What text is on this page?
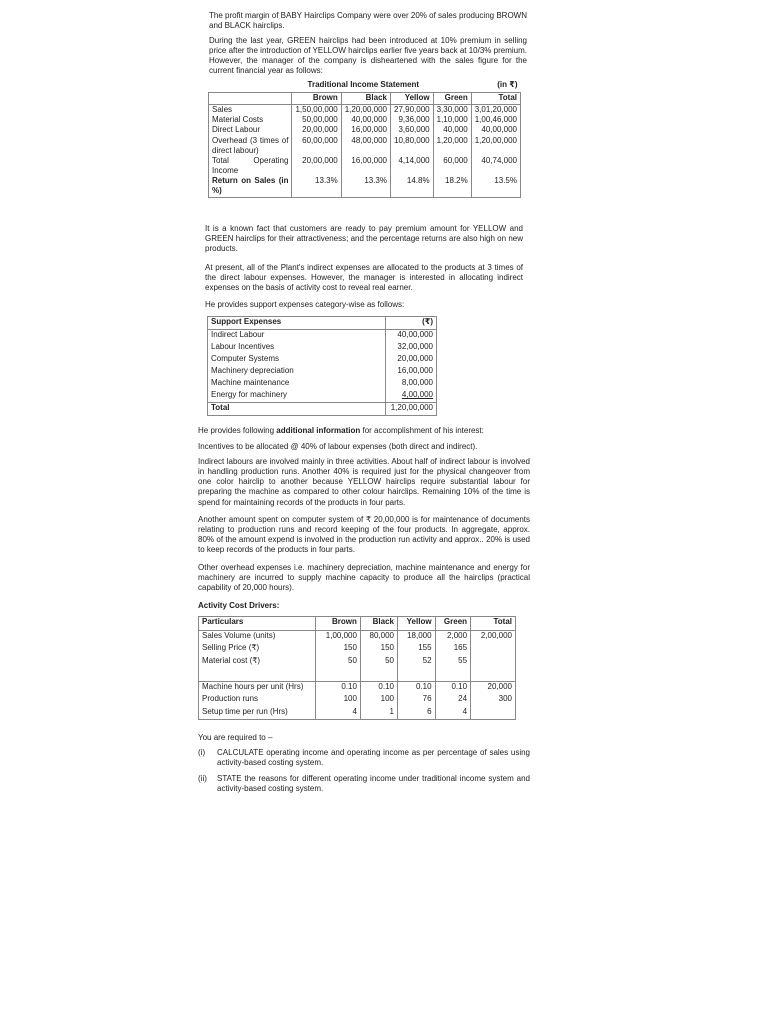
The profit margin of BABY Hairclips Company were over 20% of sales producing BROWN and BLACK hairclips.

During the last year, GREEN hairclips had been introduced at 10% premium in selling price after the introduction of YELLOW hairclips earlier five years back at 10/3% premium. However, the manager of the company is disheartened with the sales figure for the current financial year as follows:

Traditional Income Statement					(in ₹)
	Brown	Black	Yellow	Green	Total
Sales	1,50,00,000	1,20,00,000	27,90,000	3,30,000	3,01,20,000
Material Costs	50,00,000	40,00,000	9,36,000	1,10,000	1,00,46,000
Direct Labour	20,00,000	16,00,000	3,60,000	40,000	40,00,000
Overhead (3 times of direct labour)	60,00,000	48,00,000	10,80,000	1,20,000	1,20,00,000
Total Operating Income	20,00,000	16,00,000	4,14,000	60,000	40,74,000
Return on Sales (in %)	13.3%	13.3%	14.8%	18.2%	13.5%

It is a known fact that customers are ready to pay premium amount for YELLOW and GREEN hairclips for their attractiveness; and the percentage returns are also high on new products.

At present, all of the Plant's indirect expenses are allocated to the products at 3 times of the direct labour expenses. However, the manager is interested in allocating indirect expenses on the basis of activity cost to reveal real earner.

He provides support expenses category-wise as follows:

Support Expenses	(₹)
Indirect Labour	40,00,000
Labour Incentives	32,00,000
Computer Systems	20,00,000
Machinery depreciation	16,00,000
Machine maintenance	8,00,000
Energy for machinery	4,00,000
Total	1,20,00,000

He provides following additional information for accomplishment of his interest:

Incentives to be allocated @ 40% of labour expenses (both direct and indirect).

Indirect labours are involved mainly in three activities. About half of indirect labour is involved in handling production runs. Another 40% is required just for the physical changeover from one color hairclip to another because YELLOW hairclips require substantial labour for preparing the machine as compared to other colour hairclips. Remaining 10% of the time is spend for maintaining records of the products in four parts.

Another amount spent on computer system of ₹ 20,00,000 is for maintenance of documents relating to production runs and record keeping of the four products. In aggregate, approx. 80% of the amount expend is involved in the production run activity and approx.. 20% is used to keep records of the products in four parts.

Other overhead expenses i.e. machinery depreciation, machine maintenance and energy for machinery are incurred to supply machine capacity to produce all the hairclips (practical capability of 20,000 hours).

Activity Cost Drivers:

Particulars	Brown	Black	Yellow	Green	Total
Sales Volume (units)	1,00,000	80,000	18,000	2,000	2,00,000
Selling Price (₹)	150	150	155	165	
Material cost (₹)	50	50	52	55	

Machine hours per unit (Hrs)	0.10	0.10	0.10	0.10	20,000
Production runs	100	100	76	24	300
Setup time per run (Hrs)	4	1	6	4	

You are required to –

(i) CALCULATE operating income and operating income as per percentage of sales using activity-based costing system.
(ii) STATE the reasons for different operating income under traditional income system and activity-based costing system.
